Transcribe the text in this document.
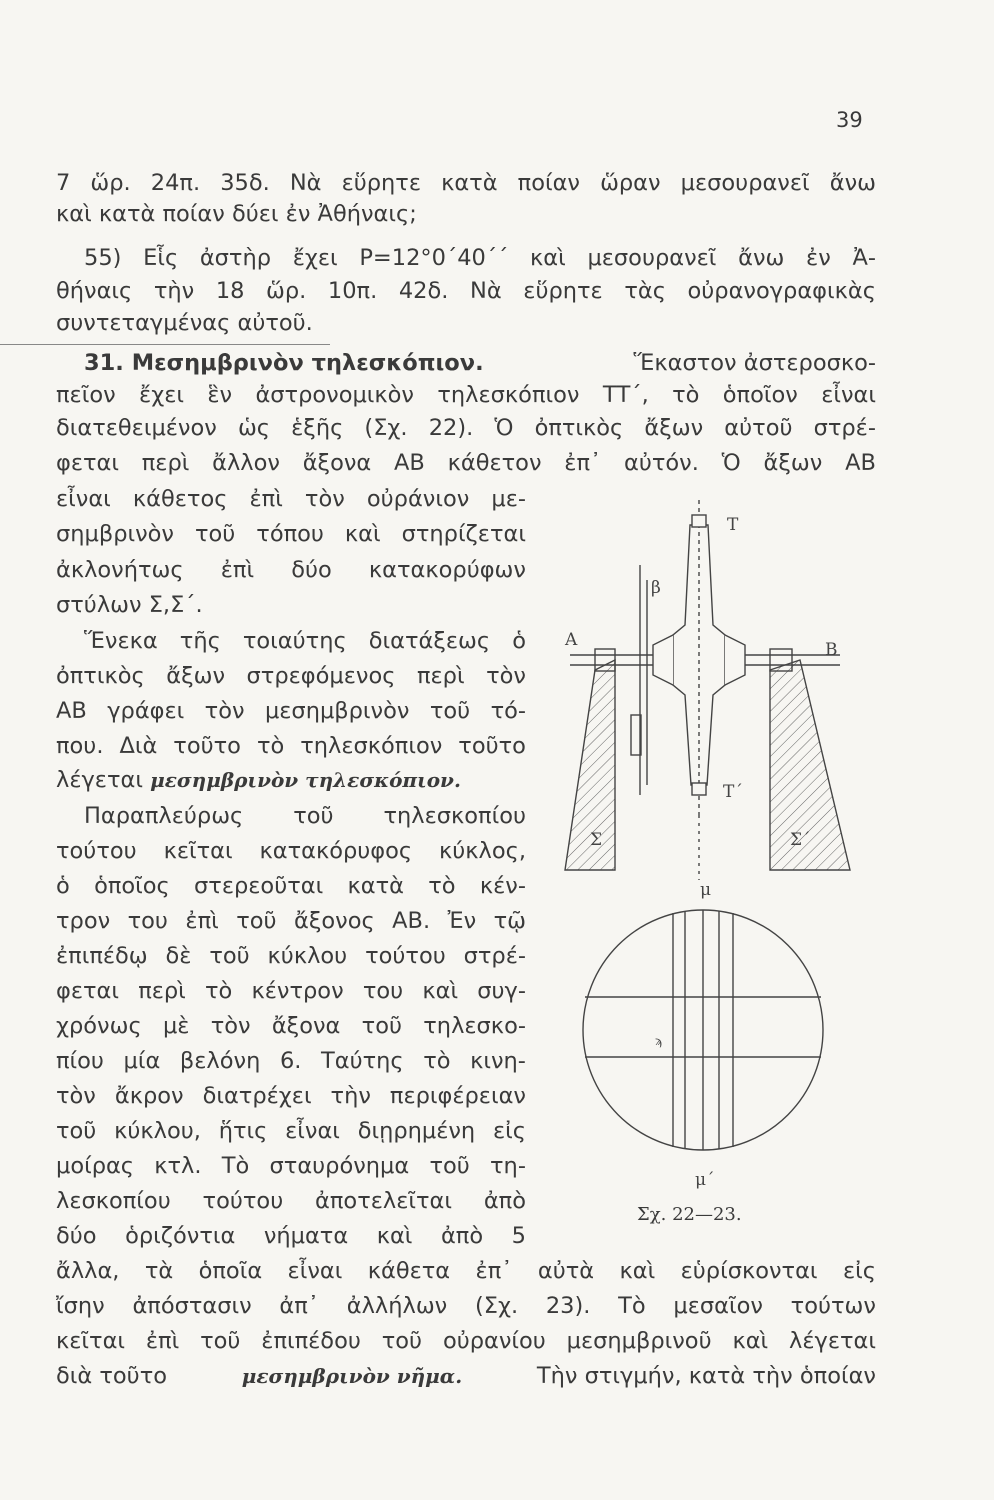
39
7 ὥρ. 24π. 35δ. Νὰ εὕρητε κατὰ ποίαν ὥραν μεσουρανεῖ ἄνω
καὶ κατὰ ποίαν δύει ἐν Ἀθήναις;
55) Εἷς ἀστὴρ ἔχει P=12°0΄40΄΄ καὶ μεσουρανεῖ ἄνω ἐν Ἀ-
θήναις τὴν 18 ὥρ. 10π. 42δ. Νὰ εὕρητε τὰς οὐρανογραφικὰς
συντεταγμένας αὐτοῦ.
31. Μεσημβρινὸν τηλεσκόπιον.	Ἕκαστον ἀστεροσκο-
πεῖον ἔχει ἓν ἀστρονομικὸν τηλεσκόπιον ΤΤ΄, τὸ ὁποῖον εἶναι
διατεθειμένον ὡς ἑξῆς (Σχ. 22). Ὁ ὀπτικὸς ἄξων αὐτοῦ στρέ-
φεται περὶ ἄλλον ἄξονα ΑΒ κάθετον ἐπ᾽ αὐτόν. Ὁ ἄξων ΑΒ
εἶναι κάθετος ἐπὶ τὸν οὐράνιον με-
σημβρινὸν τοῦ τόπου καὶ στηρίζεται
ἀκλονήτως ἐπὶ δύο κατακορύφων
στύλων Σ,Σ΄.
Ἕνεκα τῆς τοιαύτης διατάξεως ὁ
ὀπτικὸς ἄξων στρεφόμενος περὶ τὸν
ΑΒ γράφει τὸν μεσημβρινὸν τοῦ τό-
που. Διὰ τοῦτο τὸ τηλεσκόπιον τοῦτο
λέγεται
μεσημβρινὸν τηλεσκόπιον.
Παραπλεύρως τοῦ τηλεσκοπίου
τούτου κεῖται κατακόρυφος κύκλος,
ὁ ὁποῖος στερεοῦται κατὰ τὸ κέν-
τρον του ἐπὶ τοῦ ἄξονος ΑΒ. Ἐν τῷ
ἐπιπέδῳ δὲ τοῦ κύκλου τούτου στρέ-
φεται περὶ τὸ κέντρον του καὶ συγ-
χρόνως μὲ τὸν ἄξονα τοῦ τηλεσκο-
πίου μία βελόνη 6. Ταύτης τὸ κινη-
τὸν ἄκρον διατρέχει τὴν περιφέρειαν
τοῦ κύκλου, ἥτις εἶναι διῃρημένη εἰς
μοίρας κτλ. Τὸ σταυρόνημα τοῦ τη-
λεσκοπίου τούτου ἀποτελεῖται ἀπὸ
δύο ὁριζόντια νήματα καὶ ἀπὸ 5
ἄλλα, τὰ ὁποῖα εἶναι κάθετα ἐπ᾽ αὐτὰ καὶ εὑρίσκονται εἰς
ἴσην ἀπόστασιν ἀπ᾽ ἀλλήλων (Σχ. 23). Τὸ μεσαῖον τούτων
κεῖται ἐπὶ τοῦ ἐπιπέδου τοῦ οὐρανίου μεσημβρινοῦ καὶ λέγεται
διὰ τοῦτο	μεσημβρινὸν νῆμα.	Τὴν στιγμήν, κατὰ τὴν ὁποίαν
Τ
Τ΄
Α	Β
β
Σ	Σ΄
μ
μ΄
ϡ
Σχ. 22—23.
